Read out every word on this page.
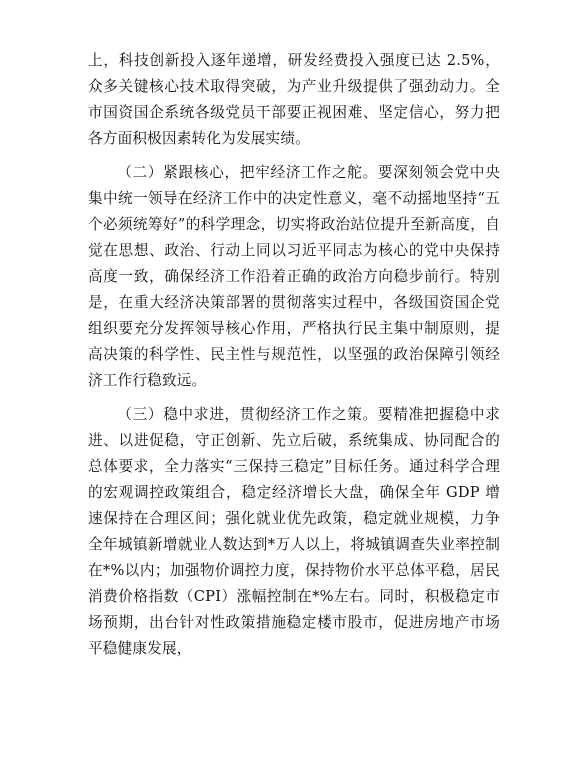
上，科技创新投入逐年递增，研发经费投入强度已达 2.5%，众多关键核心技术取得突破，为产业升级提供了强劲动力。全市国资国企系统各级党员干部要正视困难、坚定信心，努力把各方面积极因素转化为发展实绩。

（二）紧跟核心，把牢经济工作之舵。要深刻领会党中央集中统一领导在经济工作中的决定性意义，毫不动摇地坚持“五个必须统筹好”的科学理念，切实将政治站位提升至新高度，自觉在思想、政治、行动上同以习近平同志为核心的党中央保持高度一致，确保经济工作沿着正确的政治方向稳步前行。特别是，在重大经济决策部署的贯彻落实过程中，各级国资国企党组织要充分发挥领导核心作用，严格执行民主集中制原则，提高决策的科学性、民主性与规范性，以坚强的政治保障引领经济工作行稳致远。

（三）稳中求进，贯彻经济工作之策。要精准把握稳中求进、以进促稳，守正创新、先立后破，系统集成、协同配合的总体要求，全力落实“三保持三稳定”目标任务。通过科学合理的宏观调控政策组合，稳定经济增长大盘，确保全年 GDP 增速保持在合理区间；强化就业优先政策，稳定就业规模，力争全年城镇新增就业人数达到*万人以上，将城镇调查失业率控制在*%以内；加强物价调控力度，保持物价水平总体平稳，居民消费价格指数（CPI）涨幅控制在*%左右。同时，积极稳定市场预期，出台针对性政策措施稳定楼市股市，促进房地产市场平稳健康发展，
